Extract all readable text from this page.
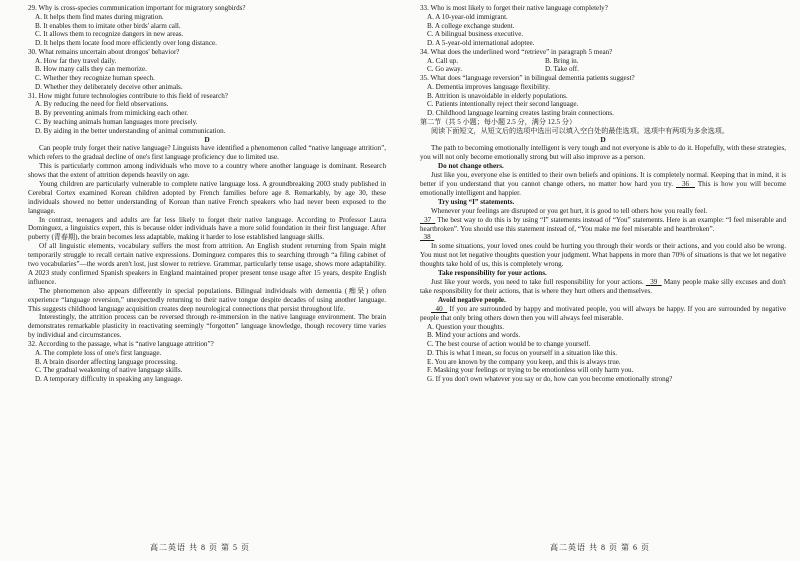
29. Why is cross-species communication important for migratory songbirds?

A. It helps them find mates during migration.

B. It enables them to imitate other birds' alarm call.

C. It allows them to recognize dangers in new areas.

D. It helps them locate food more efficiently over long distance.

30. What remains uncertain about drongos' behavior?

A. How far they travel daily.

B. How many calls they can memorize.

C. Whether they recognize human speech.

D. Whether they deliberately deceive other animals.

31. How might future technologies contribute to this field of research?

A. By reducing the need for field observations.

B. By preventing animals from mimicking each other.

C. By teaching animals human languages more precisely.

D. By aiding in the better understanding of animal communication.

D

Can people truly forget their native language? Linguists have identified a phenomenon called “native language attrition”, which refers to the gradual decline of one's first language proficiency due to limited use.

This is particularly common among individuals who move to a country where another language is dominant. Research shows that the extent of attrition depends heavily on age.

Young children are particularly vulnerable to complete native language loss. A groundbreaking 2003 study published in Cerebral Cortex examined Korean children adopted by French families before age 8. Remarkably, by age 30, these individuals showed no better understanding of Korean than native French speakers who had never been exposed to the language.

In contrast, teenagers and adults are far less likely to forget their native language. According to Professor Laura Dominguez, a linguistics expert, this is because older individuals have a more solid foundation in their first language. After puberty (青春期), the brain becomes less adaptable, making it harder to lose established language skills.

Of all linguistic elements, vocabulary suffers the most from attrition. An English student returning from Spain might temporarily struggle to recall certain native expressions. Dominguez compares this to searching through “a filing cabinet of two vocabularies”—the words aren't lost, just slower to retrieve. Grammar, particularly tense usage, shows more adaptability. A 2023 study confirmed Spanish speakers in England maintained proper present tense usage after 15 years, despite English influence.

The phenomenon also appears differently in special populations. Bilingual individuals with dementia (痴呆) often experience “language reversion,” unexpectedly returning to their native tongue despite decades of using another language. This suggests childhood language acquisition creates deep neurological connections that persist throughout life.

Interestingly, the attrition process can be reversed through re-immersion in the native language environment. The brain demonstrates remarkable plasticity in reactivating seemingly “forgotten” language knowledge, though recovery time varies by individual and circumstances.

32. According to the passage, what is “native language attrition”?

A. The complete loss of one's first language.

B. A brain disorder affecting language processing.

C. The gradual weakening of native language skills.

D. A temporary difficulty in speaking any language.

高二英语 共 8 页 第 5 页

33. Who is most likely to forget their native language completely?

A. A 10-year-old immigrant.

B. A college exchange student.

C. A bilingual business executive.

D. A 5-year-old international adoptee.

34. What does the underlined word “retrieve” in paragraph 5 mean?

A. Call up.	B. Bring in.
C. Go away.	D. Take off.

35. What does “language reversion” in bilingual dementia patients suggest?

A. Dementia improves language flexibility.

B. Attrition is unavoidable in elderly populations.

C. Patients intentionally reject their second language.

D. Childhood language learning creates lasting brain connections.

第二节（共 5 小题；每小题 2.5 分，满分 12.5 分）

阅读下面短文，从短文后的选项中选出可以填入空白处的最佳选项。选项中有两项为多余选项。

D

The path to becoming emotionally intelligent is very tough and not everyone is able to do it. Hopefully, with these strategies, you will not only become emotionally strong but will also improve as a person.

Do not change others.

Just like you, everyone else is entitled to their own beliefs and opinions. It is completely normal. Keeping that in mind, it is better if you understand that you cannot change others, no matter how hard you try. 36 This is how you will become emotionally intelligent and happier.

Try using “I” statements.

Whenever your feelings are disrupted or you get hurt, it is good to tell others how you really feel.

37 The best way to do this is by using “I” statements instead of “You” statements. Here is an example: “I feel miserable and heartbroken”. You should use this statement instead of, “You make me feel miserable and heartbroken”.

38

In some situations, your loved ones could be hurting you through their words or their actions, and you could also be wrong. You must not let negative thoughts question your judgment. What happens in more than 70% of situations is that we let negative thoughts take hold of us, this is completely wrong.

Take responsibility for your actions.

Just like your words, you need to take full responsibility for your actions. 39 Many people make silly excuses and don't take responsibility for their actions, that is where they hurt others and themselves.

Avoid negative people.

40 If you are surrounded by happy and motivated people, you will always be happy. If you are surrounded by negative people that only bring others down then you will always feel miserable.

A. Question your thoughts.

B. Mind your actions and words.

C. The best course of action would be to change yourself.

D. This is what I mean, so focus on yourself in a situation like this.

E. You are known by the company you keep, and this is always true.

F. Masking your feelings or trying to be emotionless will only harm you.

G. If you don't own whatever you say or do, how can you become emotionally strong?

高二英语 共 8 页 第 6 页
